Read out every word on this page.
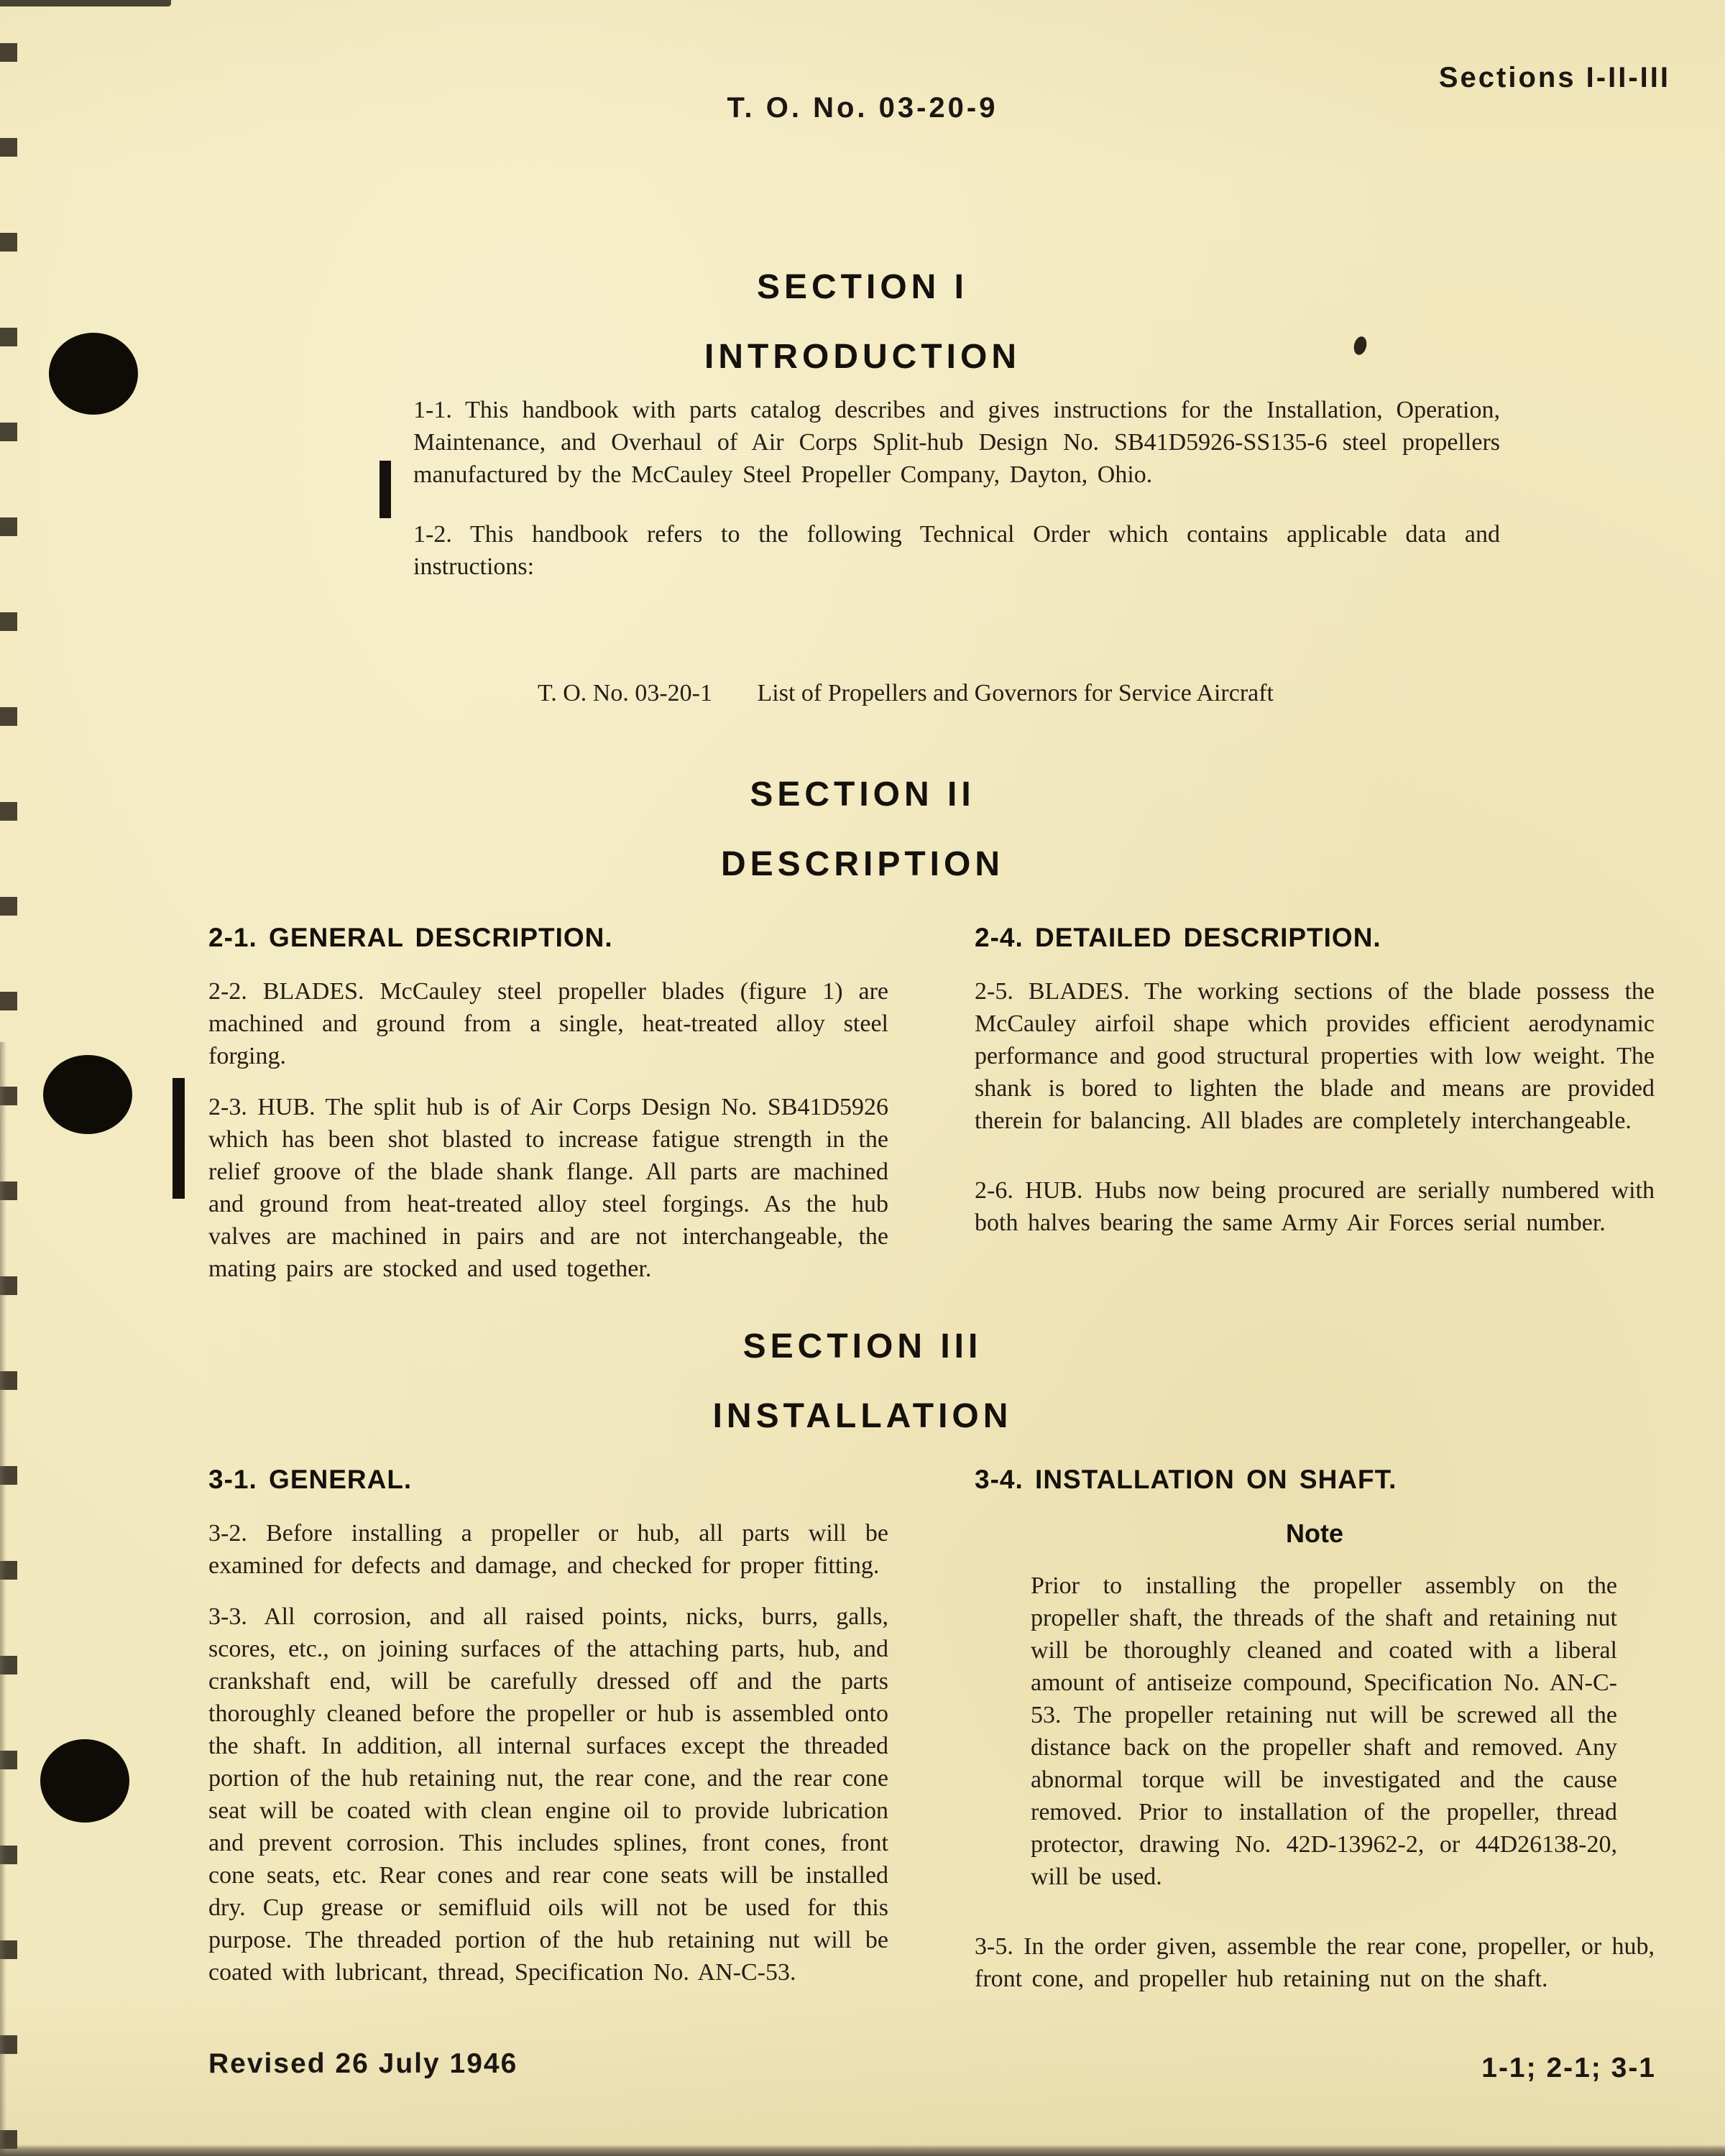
T. O. No. 03-20-9
Sections I-II-III
SECTION I
INTRODUCTION

1-1. This handbook with parts catalog describes and gives instructions for the Installation, Operation, Maintenance, and Overhaul of Air Corps Split-hub Design No. SB41D5926-SS135-6 steel propellers manufactured by the McCauley Steel Propeller Company, Dayton, Ohio.

1-2. This handbook refers to the following Technical Order which contains applicable data and instructions:

T. O. No. 03-20-1 List of Propellers and Governors for Service Aircraft
SECTION II
DESCRIPTION
2-1. GENERAL DESCRIPTION.

2-2. BLADES. McCauley steel propeller blades (figure 1) are machined and ground from a single, heat-treated alloy steel forging.

2-3. HUB. The split hub is of Air Corps Design No. SB41D5926 which has been shot blasted to increase fatigue strength in the relief groove of the blade shank flange. All parts are machined and ground from heat-treated alloy steel forgings. As the hub valves are machined in pairs and are not interchangeable, the mating pairs are stocked and used together.

2-4. DETAILED DESCRIPTION.

2-5. BLADES. The working sections of the blade possess the McCauley airfoil shape which provides efficient aerodynamic performance and good structural properties with low weight. The shank is bored to lighten the blade and means are provided therein for balancing. All blades are completely interchangeable.

2-6. HUB. Hubs now being procured are serially numbered with both halves bearing the same Army Air Forces serial number.

SECTION III
INSTALLATION
3-1. GENERAL.

3-2. Before installing a propeller or hub, all parts will be examined for defects and damage, and checked for proper fitting.

3-3. All corrosion, and all raised points, nicks, burrs, galls, scores, etc., on joining surfaces of the attaching parts, hub, and crankshaft end, will be carefully dressed off and the parts thoroughly cleaned before the propeller or hub is assembled onto the shaft. In addition, all internal surfaces except the threaded portion of the hub retaining nut, the rear cone, and the rear cone seat will be coated with clean engine oil to provide lubrication and prevent corrosion. This includes splines, front cones, front cone seats, etc. Rear cones and rear cone seats will be installed dry. Cup grease or semifluid oils will not be used for this purpose. The threaded portion of the hub retaining nut will be coated with lubricant, thread, Specification No. AN-C-53.

3-4. INSTALLATION ON SHAFT.
Note

Prior to installing the propeller assembly on the propeller shaft, the threads of the shaft and retaining nut will be thoroughly cleaned and coated with a liberal amount of antiseize compound, Specification No. AN-C-53. The propeller retaining nut will be screwed all the distance back on the propeller shaft and removed. Any abnormal torque will be investigated and the cause removed. Prior to installation of the propeller, thread protector, drawing No. 42D-13962-2, or 44D26138-20, will be used.

3-5. In the order given, assemble the rear cone, propeller, or hub, front cone, and propeller hub retaining nut on the shaft.

Revised 26 July 1946	1-1; 2-1; 3-1
